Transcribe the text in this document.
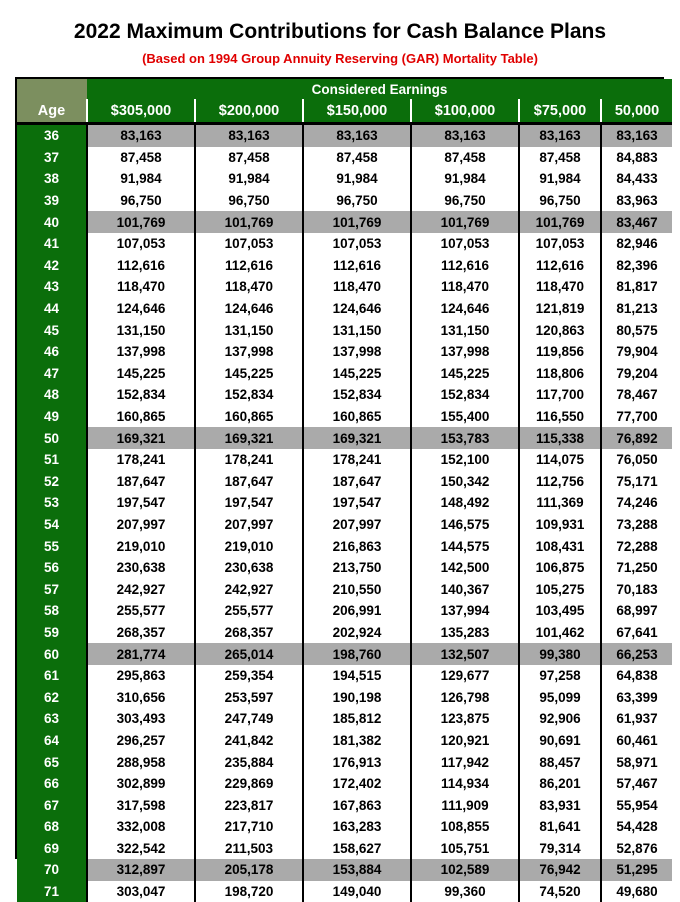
2022 Maximum Contributions for Cash Balance Plans
(Based on 1994 Group Annuity Reserving (GAR) Mortality Table)
	Considered Earnings					
Age	$305,000	$200,000	$150,000	$100,000	$75,000	50,000
36	83,163	83,163	83,163	83,163	83,163	83,163
37	87,458	87,458	87,458	87,458	87,458	84,883
38	91,984	91,984	91,984	91,984	91,984	84,433
39	96,750	96,750	96,750	96,750	96,750	83,963
40	101,769	101,769	101,769	101,769	101,769	83,467
41	107,053	107,053	107,053	107,053	107,053	82,946
42	112,616	112,616	112,616	112,616	112,616	82,396
43	118,470	118,470	118,470	118,470	118,470	81,817
44	124,646	124,646	124,646	124,646	121,819	81,213
45	131,150	131,150	131,150	131,150	120,863	80,575
46	137,998	137,998	137,998	137,998	119,856	79,904
47	145,225	145,225	145,225	145,225	118,806	79,204
48	152,834	152,834	152,834	152,834	117,700	78,467
49	160,865	160,865	160,865	155,400	116,550	77,700
50	169,321	169,321	169,321	153,783	115,338	76,892
51	178,241	178,241	178,241	152,100	114,075	76,050
52	187,647	187,647	187,647	150,342	112,756	75,171
53	197,547	197,547	197,547	148,492	111,369	74,246
54	207,997	207,997	207,997	146,575	109,931	73,288
55	219,010	219,010	216,863	144,575	108,431	72,288
56	230,638	230,638	213,750	142,500	106,875	71,250
57	242,927	242,927	210,550	140,367	105,275	70,183
58	255,577	255,577	206,991	137,994	103,495	68,997
59	268,357	268,357	202,924	135,283	101,462	67,641
60	281,774	265,014	198,760	132,507	99,380	66,253
61	295,863	259,354	194,515	129,677	97,258	64,838
62	310,656	253,597	190,198	126,798	95,099	63,399
63	303,493	247,749	185,812	123,875	92,906	61,937
64	296,257	241,842	181,382	120,921	90,691	60,461
65	288,958	235,884	176,913	117,942	88,457	58,971
66	302,899	229,869	172,402	114,934	86,201	57,467
67	317,598	223,817	167,863	111,909	83,931	55,954
68	332,008	217,710	163,283	108,855	81,641	54,428
69	322,542	211,503	158,627	105,751	79,314	52,876
70	312,897	205,178	153,884	102,589	76,942	51,295
71	303,047	198,720	149,040	99,360	74,520	49,680
